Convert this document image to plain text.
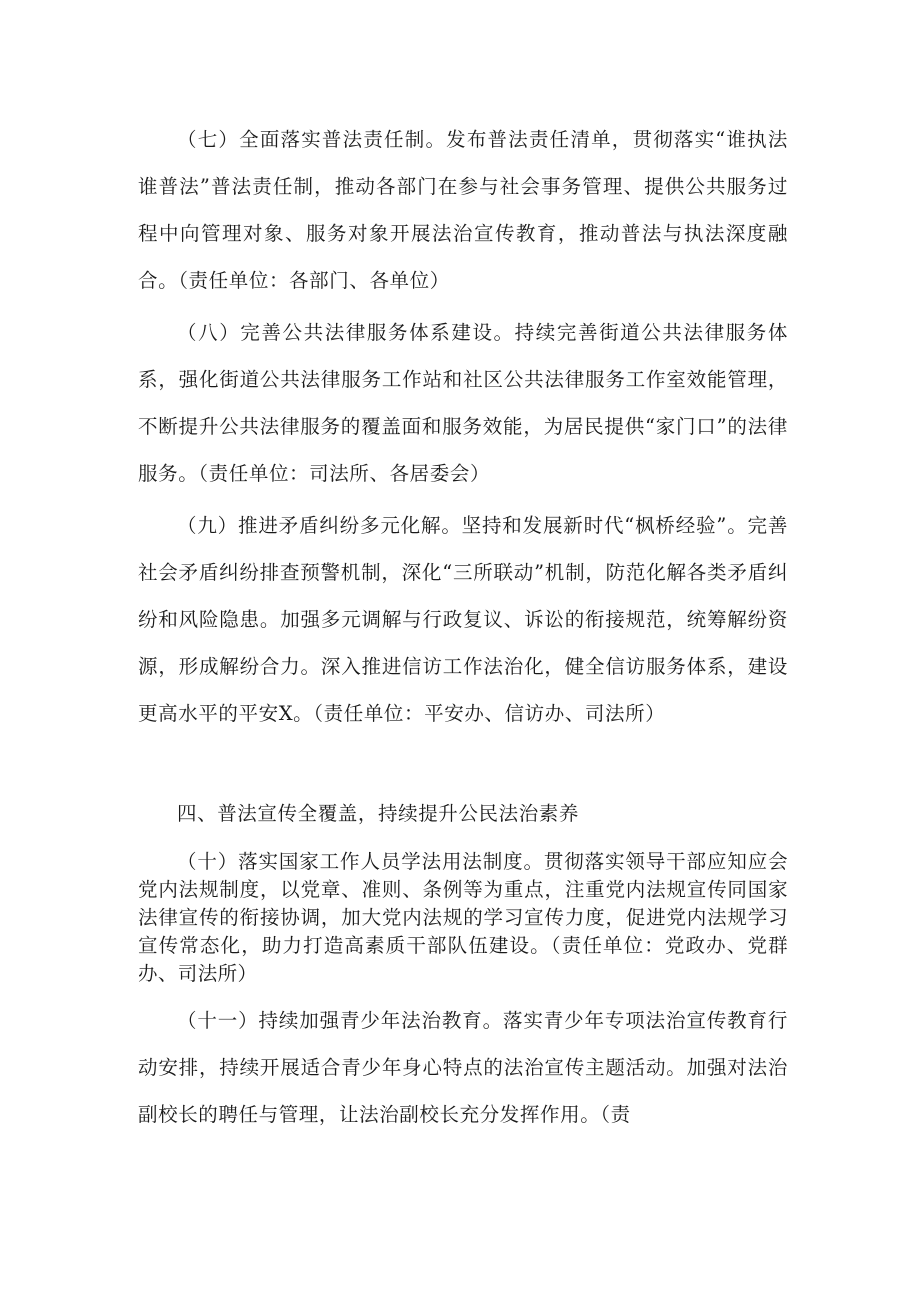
（七）全面落实普法责任制。发布普法责任清单，贯彻落实“谁执法谁普法”普法责任制，推动各部门在参与社会事务管理、提供公共服务过程中向管理对象、服务对象开展法治宣传教育，推动普法与执法深度融合。（责任单位：各部门、各单位）

（八）完善公共法律服务体系建设。持续完善街道公共法律服务体系，强化街道公共法律服务工作站和社区公共法律服务工作室效能管理，不断提升公共法律服务的覆盖面和服务效能，为居民提供“家门口”的法律服务。（责任单位：司法所、各居委会）

（九）推进矛盾纠纷多元化解。坚持和发展新时代“枫桥经验”。完善社会矛盾纠纷排查预警机制，深化“三所联动”机制，防范化解各类矛盾纠纷和风险隐患。加强多元调解与行政复议、诉讼的衔接规范，统筹解纷资源，形成解纷合力。深入推进信访工作法治化，健全信访服务体系，建设更高水平的平安X。（责任单位：平安办、信访办、司法所）

四、普法宣传全覆盖，持续提升公民法治素养

（十）落实国家工作人员学法用法制度。贯彻落实领导干部应知应会党内法规制度，以党章、准则、条例等为重点，注重党内法规宣传同国家法律宣传的衔接协调，加大党内法规的学习宣传力度，促进党内法规学习宣传常态化，助力打造高素质干部队伍建设。（责任单位：党政办、党群办、司法所）

（十一）持续加强青少年法治教育。落实青少年专项法治宣传教育行动安排，持续开展适合青少年身心特点的法治宣传主题活动。加强对法治副校长的聘任与管理，让法治副校长充分发挥作用。（责
